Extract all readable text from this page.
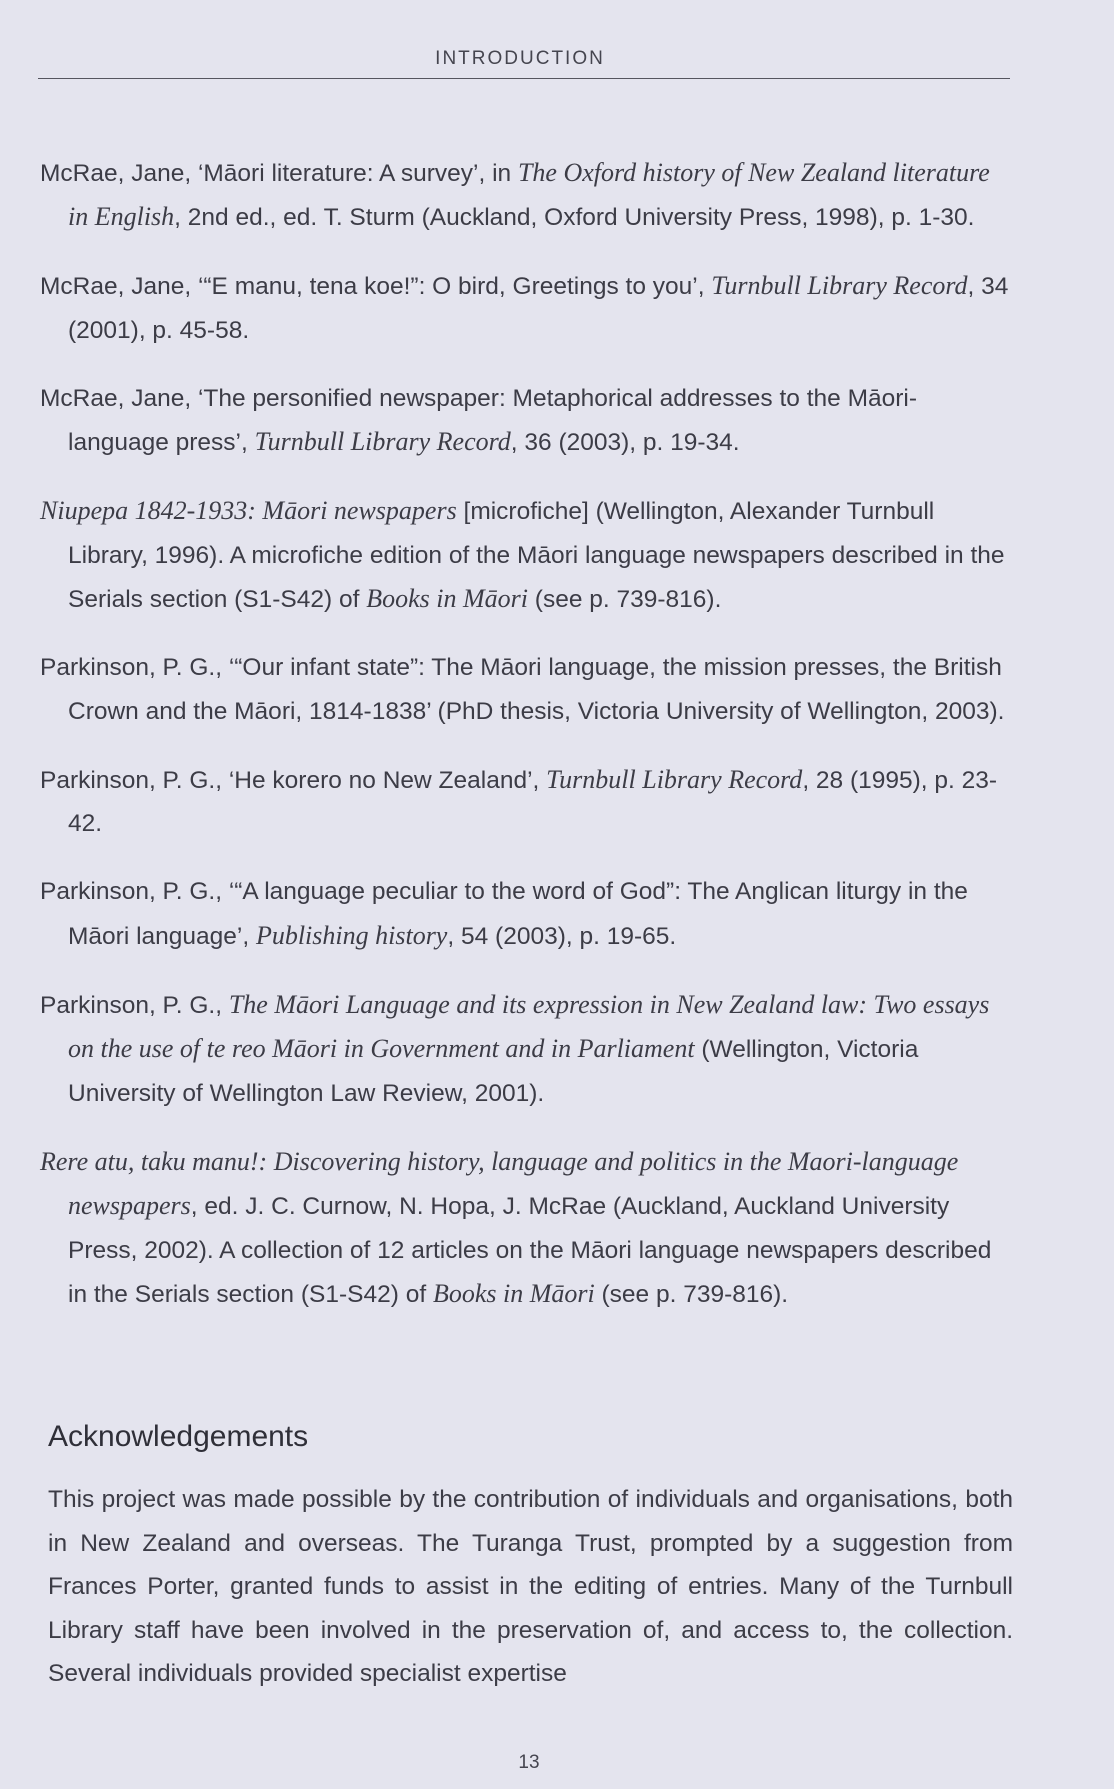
INTRODUCTION

McRae, Jane, ‘Māori literature: A survey’, in The Oxford history of New Zealand literature in English, 2nd ed., ed. T. Sturm (Auckland, Oxford University Press, 1998), p. 1-30.

McRae, Jane, ‘“E manu, tena koe!”: O bird, Greetings to you’, Turnbull Library Record, 34 (2001), p. 45-58.

McRae, Jane, ‘The personified newspaper: Metaphorical addresses to the Māori-language press’, Turnbull Library Record, 36 (2003), p. 19-34.

Niupepa 1842-1933: Māori newspapers [microfiche] (Wellington, Alexander Turnbull Library, 1996). A microfiche edition of the Māori language newspapers described in the Serials section (S1-S42) of Books in Māori (see p. 739-816).

Parkinson, P. G., ‘“Our infant state”: The Māori language, the mission presses, the British Crown and the Māori, 1814-1838’ (PhD thesis, Victoria University of Wellington, 2003).

Parkinson, P. G., ‘He korero no New Zealand’, Turnbull Library Record, 28 (1995), p. 23-42.

Parkinson, P. G., ‘“A language peculiar to the word of God”: The Anglican liturgy in the Māori language’, Publishing history, 54 (2003), p. 19-65.

Parkinson, P. G., The Māori Language and its expression in New Zealand law: Two essays on the use of te reo Māori in Government and in Parliament (Wellington, Victoria University of Wellington Law Review, 2001).

Rere atu, taku manu!: Discovering history, language and politics in the Maori-language newspapers, ed. J. C. Curnow, N. Hopa, J. McRae (Auckland, Auckland University Press, 2002). A collection of 12 articles on the Māori language newspapers described in the Serials section (S1-S42) of Books in Māori (see p. 739-816).

Acknowledgements

This project was made possible by the contribution of individuals and organisations, both in New Zealand and overseas. The Turanga Trust, prompted by a suggestion from Frances Porter, granted funds to assist in the editing of entries. Many of the Turnbull Library staff have been involved in the preservation of, and access to, the collection. Several individuals provided specialist expertise

13
